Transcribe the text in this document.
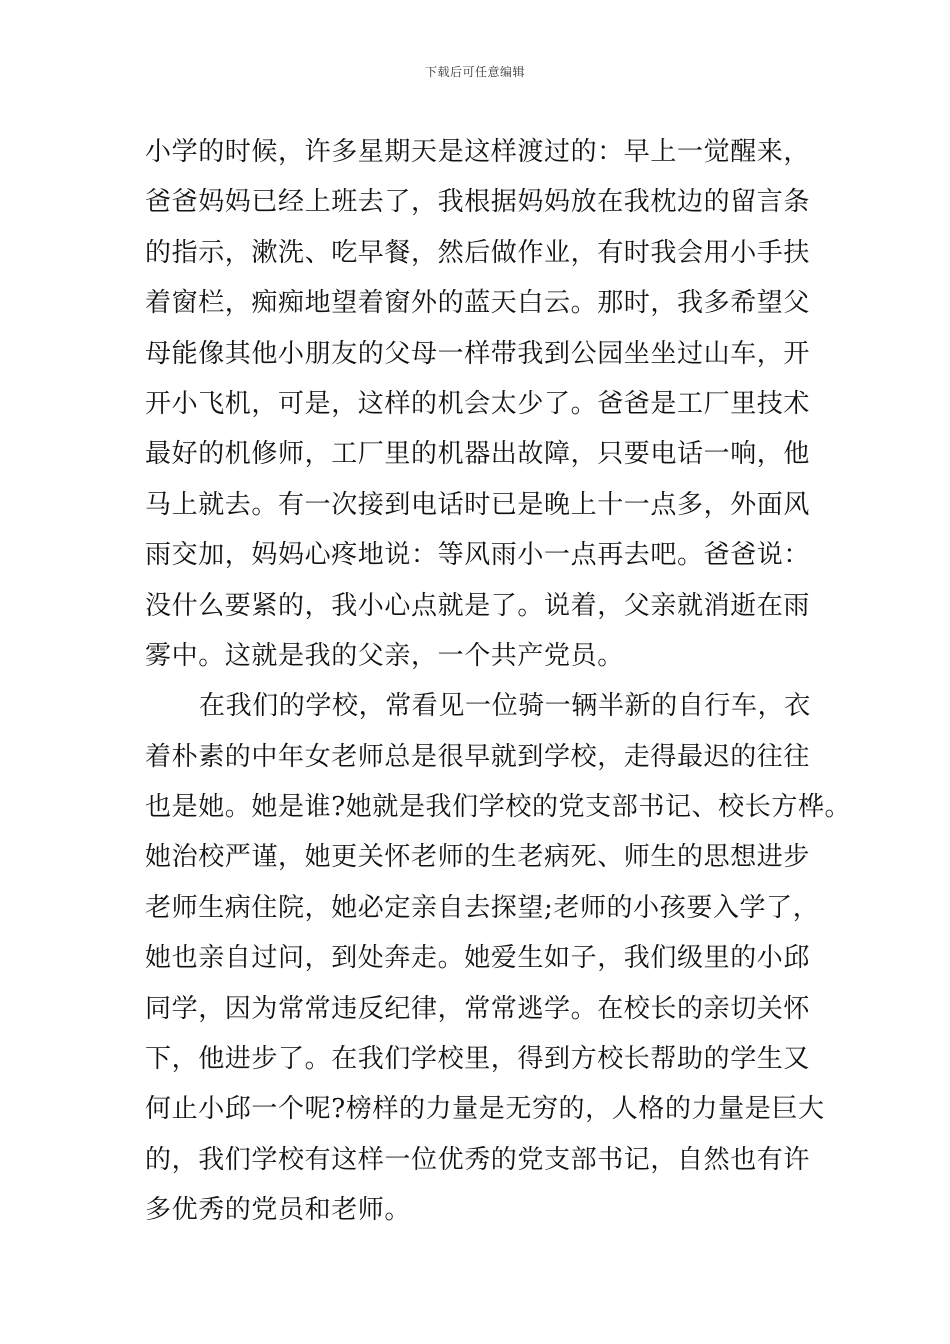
下载后可任意编辑
小学的时候，许多星期天是这样渡过的：早上一觉醒来，
爸爸妈妈已经上班去了，我根据妈妈放在我枕边的留言条
的指示，漱洗、吃早餐，然后做作业，有时我会用小手扶
着窗栏，痴痴地望着窗外的蓝天白云。那时，我多希望父
母能像其他小朋友的父母一样带我到公园坐坐过山车，开
开小飞机，可是，这样的机会太少了。爸爸是工厂里技术
最好的机修师，工厂里的机器出故障，只要电话一响，他
马上就去。有一次接到电话时已是晚上十一点多，外面风
雨交加，妈妈心疼地说：等风雨小一点再去吧。爸爸说：
没什么要紧的，我小心点就是了。说着，父亲就消逝在雨
雾中。这就是我的父亲，一个共产党员。
在我们的学校，常看见一位骑一辆半新的自行车，衣
着朴素的中年女老师总是很早就到学校，走得最迟的往往
也是她。她是谁?她就是我们学校的党支部书记、校长方桦。
她治校严谨，她更关怀老师的生老病死、师生的思想进步
老师生病住院，她必定亲自去探望;老师的小孩要入学了，
她也亲自过问，到处奔走。她爱生如子，我们级里的小邱
同学，因为常常违反纪律，常常逃学。在校长的亲切关怀
下，他进步了。在我们学校里，得到方校长帮助的学生又
何止小邱一个呢?榜样的力量是无穷的，人格的力量是巨大
的，我们学校有这样一位优秀的党支部书记，自然也有许
多优秀的党员和老师。
